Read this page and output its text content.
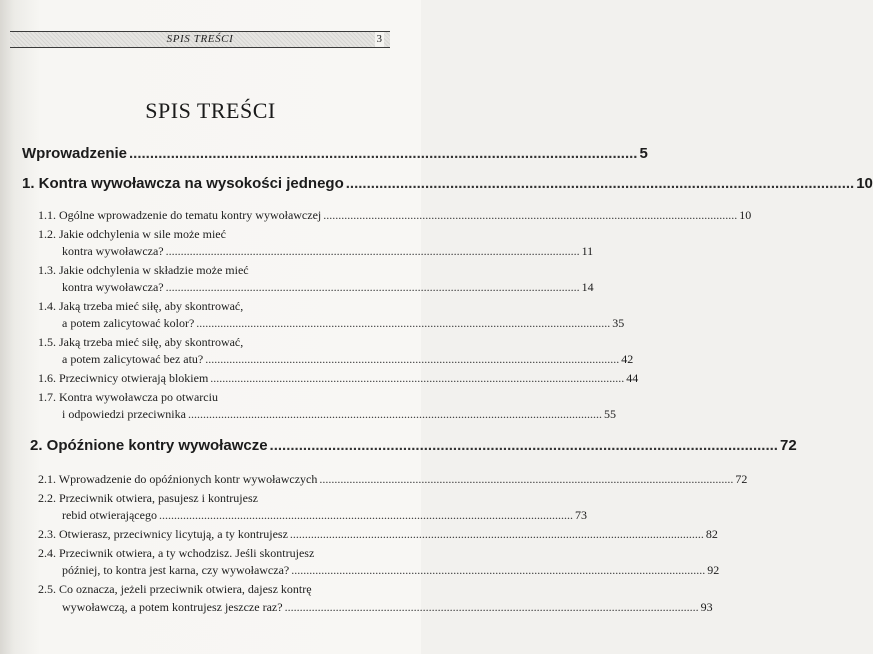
SPIS TREŚCI	3
SPIS TREŚCI
Wprowadzenie .......................................................................................................................... 5
1. Kontra wywoławcza na wysokości jednego .......................................................................................................................... 10
1.1. Ogólne wprowadzenie do tematu kontry wywoławczej .......................................................................................................................................... 10
1.2. Jakie odchylenia w sile może mieć
kontra wywoławcza? .......................................................................................................................................... 11
1.3. Jakie odchylenia w składzie może mieć
kontra wywoławcza? .......................................................................................................................................... 14
1.4. Jaką trzeba mieć siłę, aby skontrować,
a potem zalicytować kolor? .......................................................................................................................................... 35
1.5. Jaką trzeba mieć siłę, aby skontrować,
a potem zalicytować bez atu? .......................................................................................................................................... 42
1.6. Przeciwnicy otwierają blokiem .......................................................................................................................................... 44
1.7. Kontra wywoławcza po otwarciu
i odpowiedzi przeciwnika .......................................................................................................................................... 55
2. Opóźnione kontry wywoławcze .......................................................................................................................... 72
2.1. Wprowadzenie do opóźnionych kontr wywoławczych .......................................................................................................................................... 72
2.2. Przeciwnik otwiera, pasujesz i kontrujesz
rebid otwierającego .......................................................................................................................................... 73
2.3. Otwierasz, przeciwnicy licytują, a ty kontrujesz .......................................................................................................................................... 82
2.4. Przeciwnik otwiera, a ty wchodzisz. Jeśli skontrujesz
później, to kontra jest karna, czy wywoławcza? .......................................................................................................................................... 92
2.5. Co oznacza, jeżeli przeciwnik otwiera, dajesz kontrę
wywoławczą, a potem kontrujesz jeszcze raz? .......................................................................................................................................... 93
